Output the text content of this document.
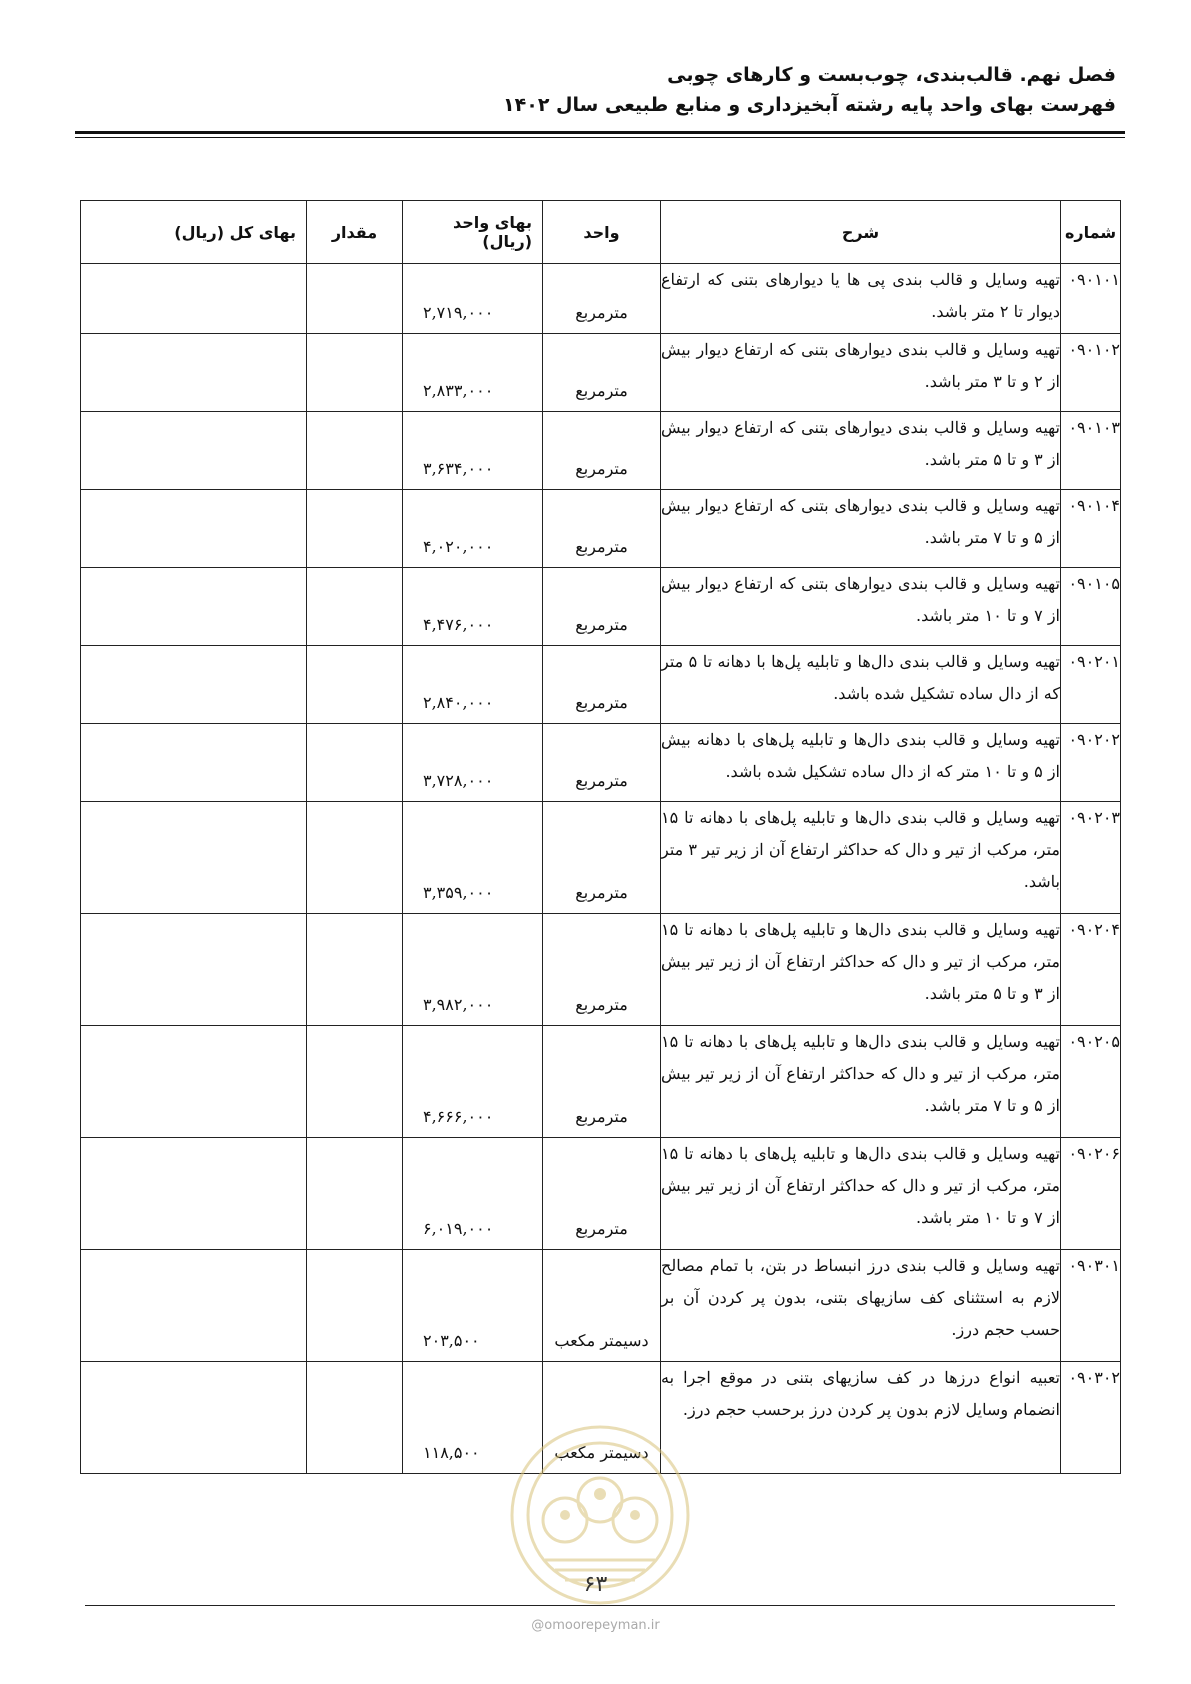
فصل نهم. قالب‌بندی، چوب‌بست و کارهای چوبی
فهرست بهای واحد پایه رشته آبخیزداری و منابع طبیعی سال ۱۴۰۲
شماره	شرح	واحد	بهای واحد (ریال)	مقدار	بهای کل (ریال)
۰۹۰۱۰۱	تهیه وسایل و قالب بندی پی ها یا دیوارهای بتنی که ارتفاع دیوار تا ۲ متر باشد.	مترمربع	۲,۷۱۹,۰۰۰		
۰۹۰۱۰۲	تهیه وسایل و قالب بندی دیوارهای بتنی که ارتفاع دیوار بیش از ۲ و تا ۳ متر باشد.	مترمربع	۲,۸۳۳,۰۰۰		
۰۹۰۱۰۳	تهیه وسایل و قالب بندی دیوارهای بتنی که ارتفاع دیوار بیش از ۳ و تا ۵ متر باشد.	مترمربع	۳,۶۳۴,۰۰۰		
۰۹۰۱۰۴	تهیه وسایل و قالب بندی دیوارهای بتنی که ارتفاع دیوار بیش از ۵ و تا ۷ متر باشد.	مترمربع	۴,۰۲۰,۰۰۰		
۰۹۰۱۰۵	تهیه وسایل و قالب بندی دیوارهای بتنی که ارتفاع دیوار بیش از ۷ و تا ۱۰ متر باشد.	مترمربع	۴,۴۷۶,۰۰۰		
۰۹۰۲۰۱	تهیه وسایل و قالب بندی دال‌ها و تابلیه پل‌ها با دهانه تا ۵ متر که از دال ساده تشکیل شده باشد.	مترمربع	۲,۸۴۰,۰۰۰		
۰۹۰۲۰۲	تهیه وسایل و قالب بندی دال‌ها و تابلیه پل‌های با دهانه بیش از ۵ و تا ۱۰ متر که از دال ساده تشکیل شده باشد.	مترمربع	۳,۷۲۸,۰۰۰		
۰۹۰۲۰۳	تهیه وسایل و قالب بندی دال‌ها و تابلیه پل‌های با دهانه تا ۱۵ متر، مرکب از تیر و دال که حداکثر ارتفاع آن از زیر تیر ۳ متر باشد.	مترمربع	۳,۳۵۹,۰۰۰		
۰۹۰۲۰۴	تهیه وسایل و قالب بندی دال‌ها و تابلیه پل‌های با دهانه تا ۱۵ متر، مرکب از تیر و دال که حداکثر ارتفاع آن از زیر تیر بیش از ۳ و تا ۵ متر باشد.	مترمربع	۳,۹۸۲,۰۰۰		
۰۹۰۲۰۵	تهیه وسایل و قالب بندی دال‌ها و تابلیه پل‌های با دهانه تا ۱۵ متر، مرکب از تیر و دال که حداکثر ارتفاع آن از زیر تیر بیش از ۵ و تا ۷ متر باشد.	مترمربع	۴,۶۶۶,۰۰۰		
۰۹۰۲۰۶	تهیه وسایل و قالب بندی دال‌ها و تابلیه پل‌های با دهانه تا ۱۵ متر، مرکب از تیر و دال که حداکثر ارتفاع آن از زیر تیر بیش از ۷ و تا ۱۰ متر باشد.	مترمربع	۶,۰۱۹,۰۰۰		
۰۹۰۳۰۱	تهیه وسایل و قالب بندی درز انبساط در بتن، با تمام مصالح لازم به استثنای کف سازیهای بتنی، بدون پر کردن آن بر حسب حجم درز.	دسیمتر مکعب	۲۰۳,۵۰۰		
۰۹۰۳۰۲	تعبیه انواع درزها در کف سازیهای بتنی در موقع اجرا به انضمام وسایل لازم بدون پر کردن درز برحسب حجم درز.	دسیمتر مکعب	۱۱۸,۵۰۰		
۶۳
@omoorepeyman.ir
